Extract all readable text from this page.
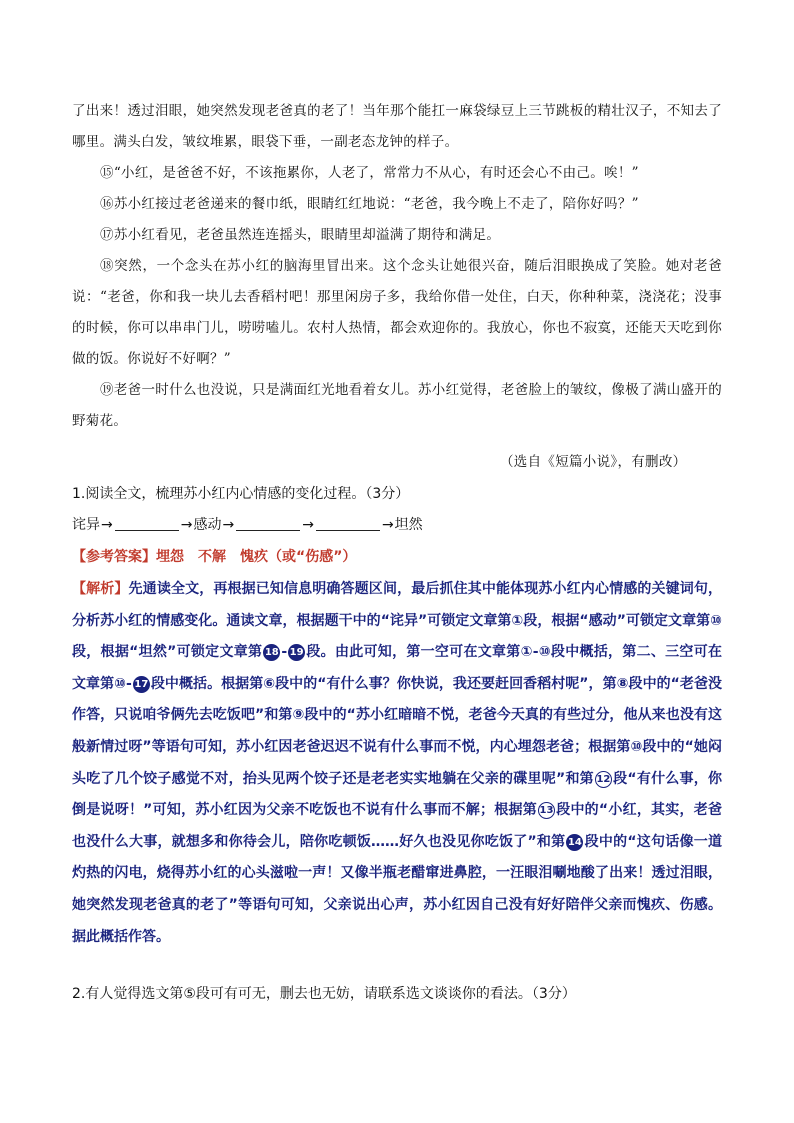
了出来！透过泪眼，她突然发现老爸真的老了！当年那个能扛一麻袋绿豆上三节跳板的精壮汉子，不知去了哪里。满头白发，皱纹堆累，眼袋下垂，一副老态龙钟的样子。

⑮“小红，是爸爸不好，不该拖累你，人老了，常常力不从心，有时还会心不由己。唉！”

⑯苏小红接过老爸递来的餐巾纸，眼睛红红地说：“老爸，我今晚上不走了，陪你好吗？”

⑰苏小红看见，老爸虽然连连摇头，眼睛里却溢满了期待和满足。

⑱突然，一个念头在苏小红的脑海里冒出来。这个念头让她很兴奋，随后泪眼换成了笑脸。她对老爸说：“老爸，你和我一块儿去香稻村吧！那里闲房子多，我给你借一处住，白天，你种种菜，浇浇花；没事的时候，你可以串串门儿，唠唠嗑儿。农村人热情，都会欢迎你的。我放心，你也不寂寞，还能天天吃到你做的饭。你说好不好啊？”

⑲老爸一时什么也没说，只是满面红光地看着女儿。苏小红觉得，老爸脸上的皱纹，像极了满山盛开的野菊花。

（选自《短篇小说》，有删改）
1.阅读全文，梳理苏小红内心情感的变化过程。（3分）
诧异→	→感动→	→	→坦然
【参考答案】埋怨　不解　愧疚（或“伤感”）
【解析】先通读全文，再根据已知信息明确答题区间，最后抓住其中能体现苏小红内心情感的关键词句，分析苏小红的情感变化。通读文章，根据题干中的“诧异”可锁定文章第①段，根据“感动”可锁定文章第⑩段，根据“坦然”可锁定文章第 18 - 19 段。由此可知，第一空可在文章第①-⑩段中概括，第二、三空可在文章第⑩- 17 段中概括。根据第⑥段中的“有什么事？你快说，我还要赶回香稻村呢”，第⑧段中的“老爸没作答，只说咱爷俩先去吃饭吧”和第⑨段中的“苏小红暗暗不悦，老爸今天真的有些过分，他从来也没有这般新情过呀”等语句可知，苏小红因老爸迟迟不说有什么事而不悦，内心埋怨老爸；根据第⑩段中的“她闷头吃了几个饺子感觉不对，抬头见两个饺子还是老老实实地躺在父亲的碟里呢”和第 12 段“有什么事，你倒是说呀！”可知，苏小红因为父亲不吃饭也不说有什么事而不解；根据第 13 段中的“小红，其实，老爸也没什么大事，就想多和你待会儿，陪你吃顿饭……好久也没见你吃饭了”和第 14 段中的“这句话像一道灼热的闪电，烧得苏小红的心头滋啦一声！又像半瓶老醋窜进鼻腔，一汪眼泪唰地酸了出来！透过泪眼，她突然发现老爸真的老了”等语句可知，父亲说出心声，苏小红因自己没有好好陪伴父亲而愧疚、伤感。据此概括作答。
2.有人觉得选文第⑤段可有可无，删去也无妨，请联系选文谈谈你的看法。（3分）
